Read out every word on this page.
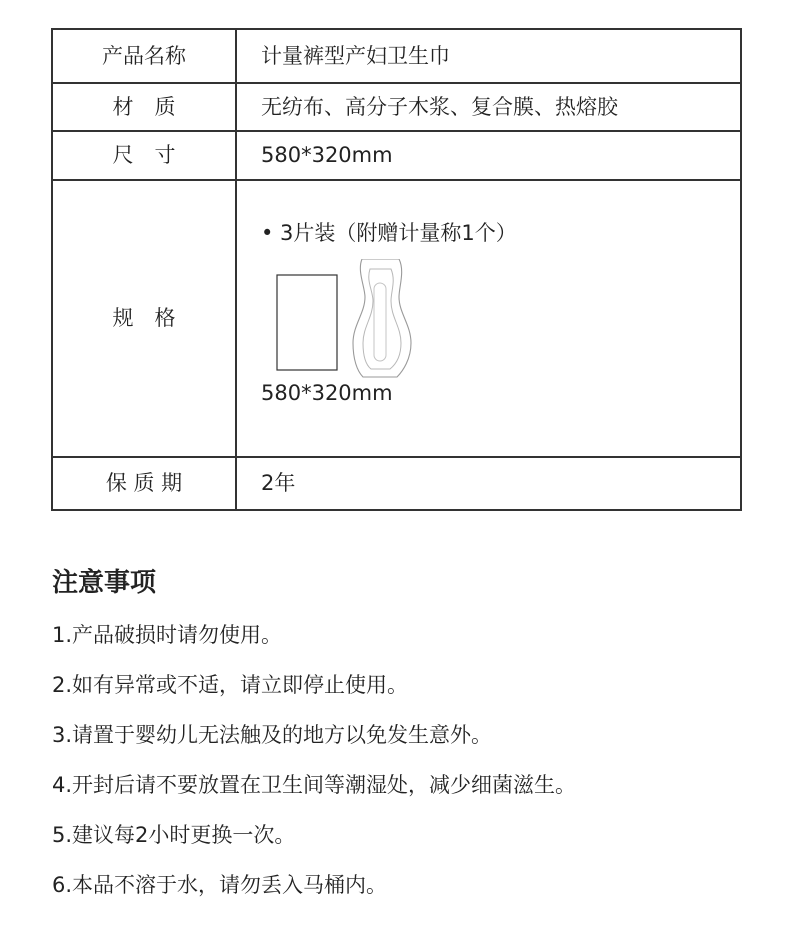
产品名称	计量裤型产妇卫生巾
材　质	无纺布、高分子木浆、复合膜、热熔胶
尺　寸	580*320mm
规　格	• 3片装（附赠计量称1个）
580*320mm

保 质 期	2年
注意事项
1.产品破损时请勿使用。
2.如有异常或不适，请立即停止使用。
3.请置于婴幼儿无法触及的地方以免发生意外。
4.开封后请不要放置在卫生间等潮湿处，减少细菌滋生。
5.建议每2小时更换一次。
6.本品不溶于水，请勿丢入马桶内。
